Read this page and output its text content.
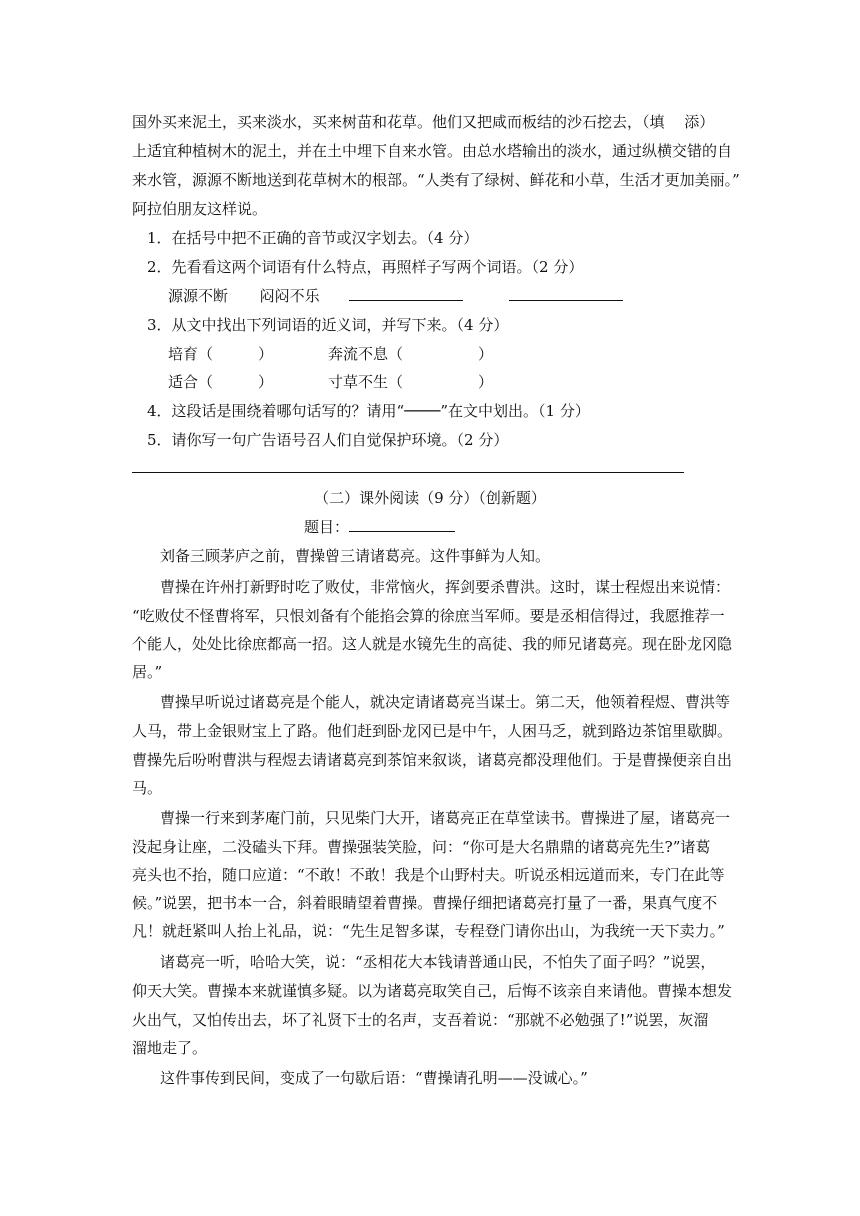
国外买来泥土，买来淡水，买来树苗和花草。他们又把咸而板结的沙石挖去，（填　 添）
上适宜种植树木的泥土，并在土中埋下自来水管。由总水塔输出的淡水，通过纵横交错的自
来水管，源源不断地送到花草树木的根部。“人类有了绿树、鲜花和小草，生活才更加美丽。”
阿拉伯朋友这样说。
1．在括号中把不正确的音节或汉字划去。（4 分）
2．先看看这两个词语有什么特点，再照样子写两个词语。（2 分）
源源不断 闷闷不乐
3．从文中找出下列词语的近义词，并写下来。（4 分）
培育（　　　）	奔流不息（　　　　　）
适合（　　　）	寸草不生（　　　　　）
4．这段话是围绕着哪句话写的？请用“────”在文中划出。（1 分）
5．请你写一句广告语号召人们自觉保护环境。（2 分）
（二）课外阅读（9 分）（创新题）
题目：
刘备三顾茅庐之前，曹操曾三请诸葛亮。这件事鲜为人知。
曹操在许州打新野时吃了败仗，非常恼火，挥剑要杀曹洪。这时，谋士程煜出来说情：
“吃败仗不怪曹将军，只恨刘备有个能掐会算的徐庶当军师。要是丞相信得过，我愿推荐一
个能人，处处比徐庶都高一招。这人就是水镜先生的高徒、我的师兄诸葛亮。现在卧龙冈隐
居。”
曹操早听说过诸葛亮是个能人，就决定请诸葛亮当谋士。第二天，他领着程煜、曹洪等
人马，带上金银财宝上了路。他们赶到卧龙冈已是中午，人困马乏，就到路边茶馆里歇脚。
曹操先后吩咐曹洪与程煜去请诸葛亮到茶馆来叙谈，诸葛亮都没理他们。于是曹操便亲自出
马。
曹操一行来到茅庵门前，只见柴门大开，诸葛亮正在草堂读书。曹操进了屋，诸葛亮一
没起身让座，二没磕头下拜。曹操强装笑脸，问：“你可是大名鼎鼎的诸葛亮先生?”诸葛
亮头也不抬，随口应道：“不敢！不敢！我是个山野村夫。听说丞相远道而来，专门在此等
候。”说罢，把书本一合，斜着眼睛望着曹操。曹操仔细把诸葛亮打量了一番，果真气度不
凡！就赶紧叫人抬上礼品，说：“先生足智多谋，专程登门请你出山，为我统一天下卖力。”
诸葛亮一听，哈哈大笑，说：“丞相花大本钱请普通山民，不怕失了面子吗？”说罢，
仰天大笑。曹操本来就谨慎多疑。以为诸葛亮取笑自己，后悔不该亲自来请他。曹操本想发
火出气，又怕传出去，坏了礼贤下士的名声，支吾着说：“那就不必勉强了!”说罢，灰溜
溜地走了。
这件事传到民间，变成了一句歇后语：“曹操请孔明——没诚心。”
